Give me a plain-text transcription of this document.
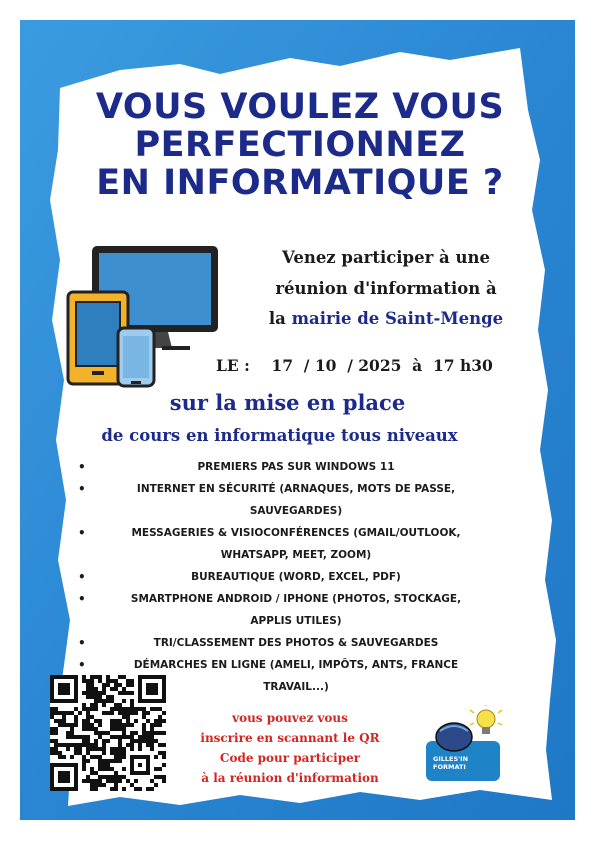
VOUS VOULEZ VOUS
PERFECTIONNEZ
EN INFORMATIQUE ?
Venez participer à une
réunion d'information à
la mairie de Saint-Menge
LE :    17  / 10  / 2025  à  17 h30
sur la mise en place
de cours en informatique tous niveaux
• PREMIERS PAS SUR WINDOWS 11
• INTERNET EN SÉCURITÉ (ARNAQUES, MOTS DE PASSE, SAUVEGARDES)
• MESSAGERIES & VISIOCONFÉRENCES (GMAIL/OUTLOOK, WHATSAPP, MEET, ZOOM)
• BUREAUTIQUE (WORD, EXCEL, PDF)
• SMARTPHONE ANDROID / IPHONE (PHOTOS, STOCKAGE, APPLIS UTILES)
• TRI/CLASSEMENT DES PHOTOS & SAUVEGARDES
• DÉMARCHES EN LIGNE (AMELI, IMPÔTS, ANTS, FRANCE TRAVAIL...)
vous pouvez vous
inscrire en scannant le QR
Code pour participer
à la réunion d'information
GILLES'IN
FORMATI
